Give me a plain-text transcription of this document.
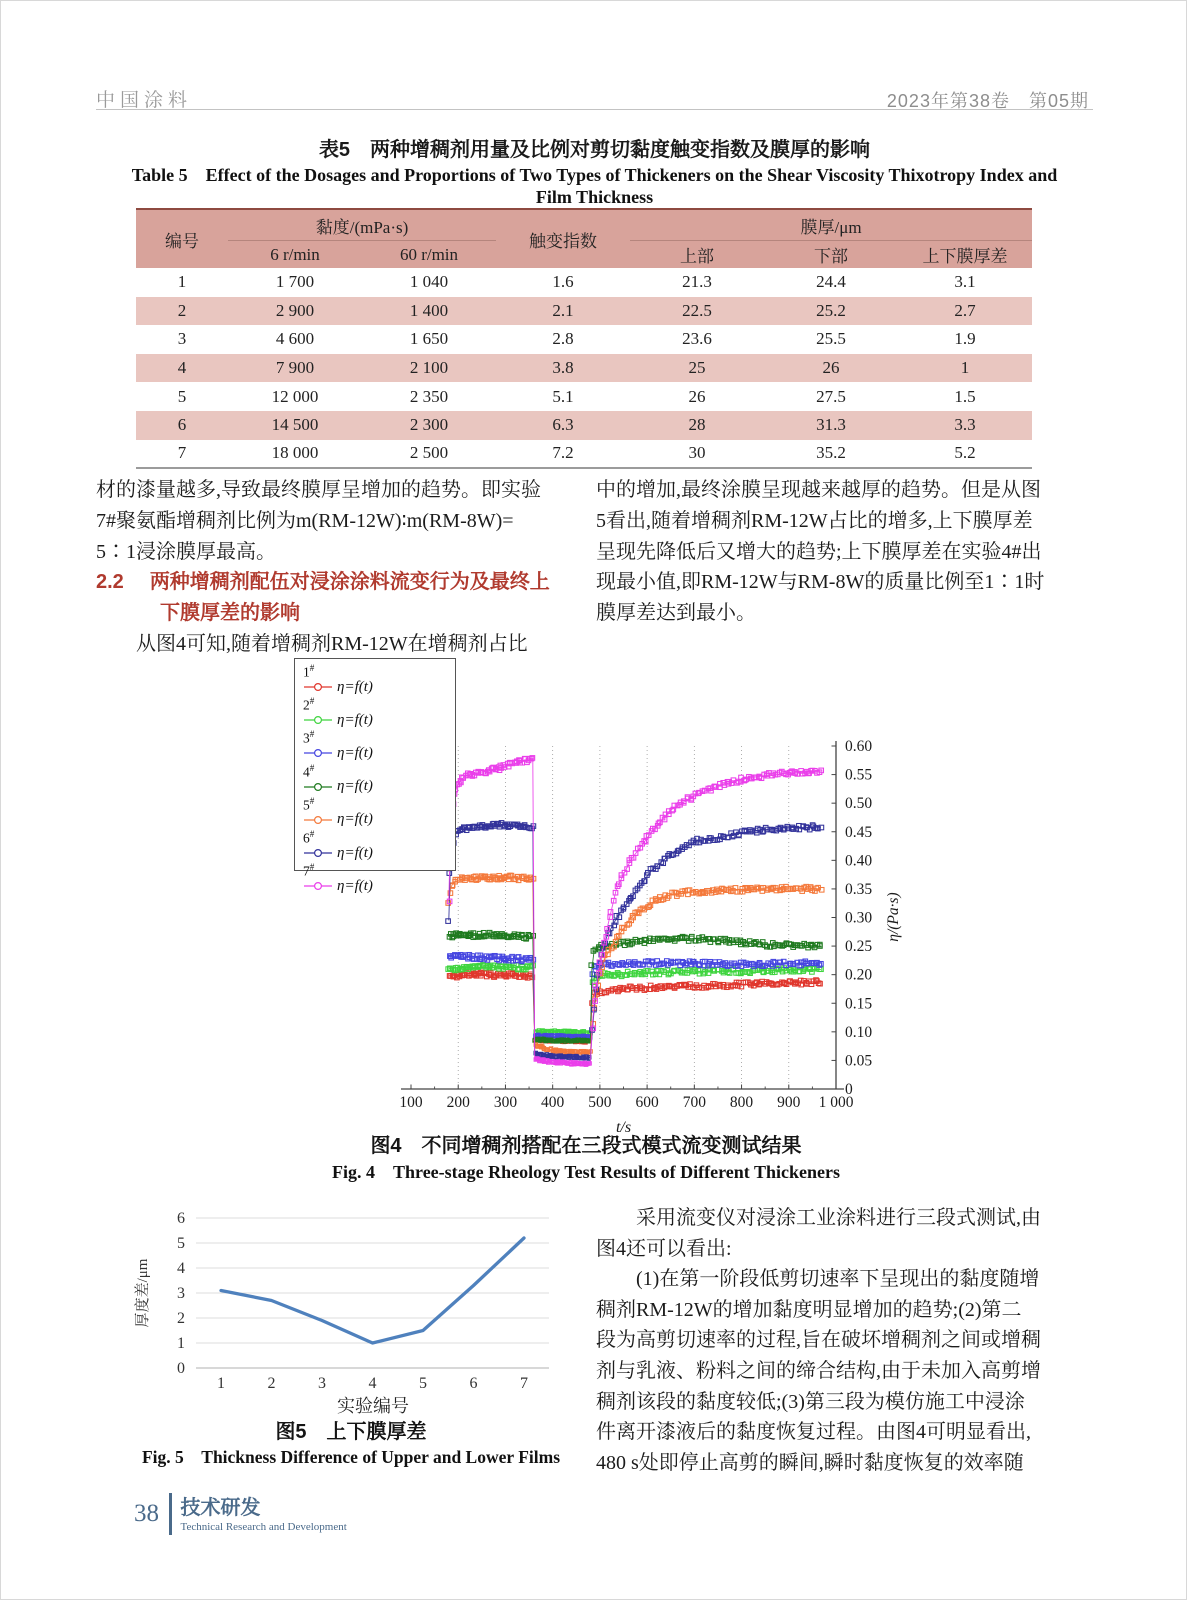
中国涂料	2023年第38卷　第05期
表5　两种增稠剂用量及比例对剪切黏度触变指数及膜厚的影响
Table 5　Effect of the Dosages and Proportions of Two Types of Thickeners on the Shear Viscosity Thixotropy Index and
Film Thickness
编号	黏度/(mPa·s)		触变指数	膜厚/μm		
	6 r/min	60 r/min		上部	下部	上下膜厚差
1	1 700	1 040	1.6	21.3	24.4	3.1
2	2 900	1 400	2.1	22.5	25.2	2.7
3	4 600	1 650	2.8	23.6	25.5	1.9
4	7 900	2 100	3.8	25	26	1
5	12 000	2 350	5.1	26	27.5	1.5
6	14 500	2 300	6.3	28	31.3	3.3
7	18 000	2 500	7.2	30	35.2	5.2
材的漆量越多,导致最终膜厚呈增加的趋势。即实验
7#聚氨酯增稠剂比例为m(RM-12W)∶m(RM-8W)=
5∶1浸涂膜厚最高。
2.2 两种增稠剂配伍对浸涂涂料流变行为及最终上
下膜厚差的影响
　　从图4可知,随着增稠剂RM-12W在增稠剂占比
中的增加,最终涂膜呈现越来越厚的趋势。但是从图
5看出,随着增稠剂RM-12W占比的增多,上下膜厚差
呈现先降低后又增大的趋势;上下膜厚差在实验4#出
现最小值,即RM-12W与RM-8W的质量比例至1∶1时
膜厚差达到最小。
1#
η=f(t)
2#
η=f(t)
3#
η=f(t)
4#
η=f(t)
5#
η=f(t)
6#
η=f(t)
7#
η=f(t)
100 200 300 400 500 600 700 800 900 1 000
0
0.05
0.10
0.15
0.20
0.25
0.30
0.35
0.40
0.45
0.50
0.55
0.60
t/s
η/(Pa·s)
图4　不同增稠剂搭配在三段式模式流变测试结果
Fig. 4　Three-stage Rheology Test Results of Different Thickeners
0
1
2
3
4
5
6
1	2	3	4	5	6	7
厚度差/μm
实验编号
图5　上下膜厚差
Fig. 5　Thickness Difference of Upper and Lower Films
　　采用流变仪对浸涂工业涂料进行三段式测试,由
图4还可以看出:
　　(1)在第一阶段低剪切速率下呈现出的黏度随增
稠剂RM-12W的增加黏度明显增加的趋势;(2)第二
段为高剪切速率的过程,旨在破坏增稠剂之间或增稠
剂与乳液、粉料之间的缔合结构,由于未加入高剪增
稠剂该段的黏度较低;(3)第三段为模仿施工中浸涂
件离开漆液后的黏度恢复过程。由图4可明显看出,
480 s处即停止高剪的瞬间,瞬时黏度恢复的效率随
38 技术研发
Technical Research and Development
